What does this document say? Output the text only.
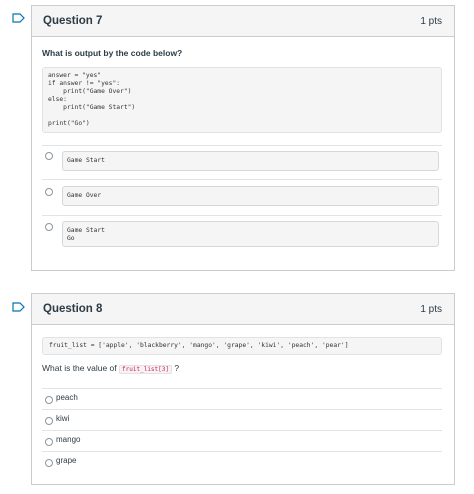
Question 7	1 pts
What is output by the code below?
answer = "yes"
if answer != "yes":
print("Game Over")
else:
print("Game Start")
print("Go")
Game Start
Game Over
Game Start
Go
Question 8	1 pts
fruit_list = ['apple', 'blackberry', 'mango', 'grape', 'kiwi', 'peach', 'pear']
What is the value of fruit_list[3] ?
peach
kiwi
mango
grape
